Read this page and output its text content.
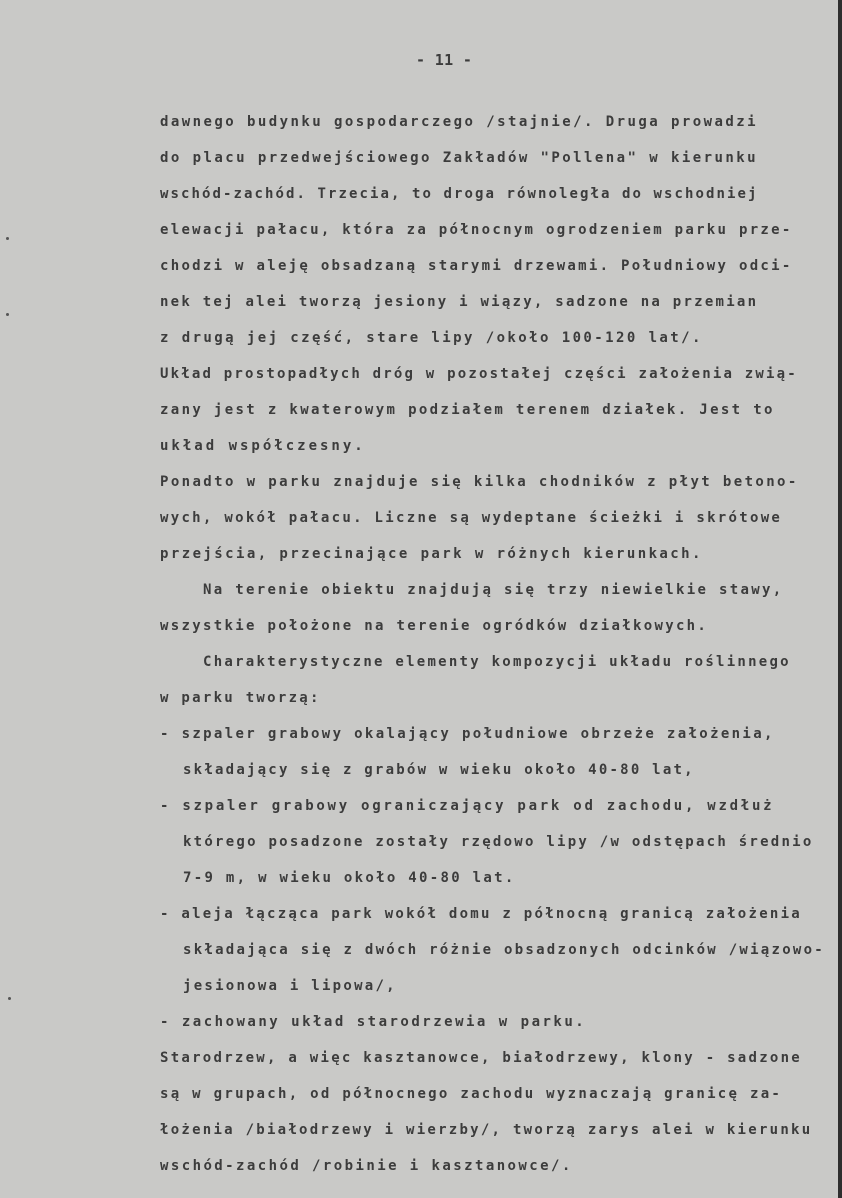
- 11 -
dawnego budynku gospodarczego /stajnie/. Druga prowadzi
do placu przedwejściowego Zakładów "Pollena" w kierunku
wschód-zachód. Trzecia, to droga równoległa do wschodniej
elewacji pałacu, która za północnym ogrodzeniem parku prze-
chodzi w aleję obsadzaną starymi drzewami. Południowy odci-
nek tej alei tworzą jesiony i wiązy, sadzone na przemian
z drugą jej część, stare lipy /około 100-120 lat/.
Układ prostopadłych dróg w pozostałej części założenia zwią-
zany jest z kwaterowym podziałem terenem działek. Jest to
układ współczesny.
Ponadto w parku znajduje się kilka chodników z płyt betono-
wych, wokół pałacu. Liczne są wydeptane ścieżki i skrótowe
przejścia, przecinające park w różnych kierunkach.
Na terenie obiektu znajdują się trzy niewielkie stawy,
wszystkie położone na terenie ogródków działkowych.
Charakterystyczne elementy kompozycji układu roślinnego
w parku tworzą:
- szpaler grabowy okalający południowe obrzeże założenia,
składający się z grabów w wieku około 40-80 lat,
- szpaler grabowy ograniczający park od zachodu, wzdłuż
którego posadzone zostały rzędowo lipy /w odstępach średnio
7-9 m, w wieku około 40-80 lat.
- aleja łącząca park wokół domu z północną granicą założenia
składająca się z dwóch różnie obsadzonych odcinków /wiązowo-
jesionowa i lipowa/,
- zachowany układ starodrzewia w parku.
Starodrzew, a więc kasztanowce, białodrzewy, klony - sadzone
są w grupach, od północnego zachodu wyznaczają granicę za-
łożenia /białodrzewy i wierzby/, tworzą zarys alei w kierunku
wschód-zachód /robinie i kasztanowce/.
